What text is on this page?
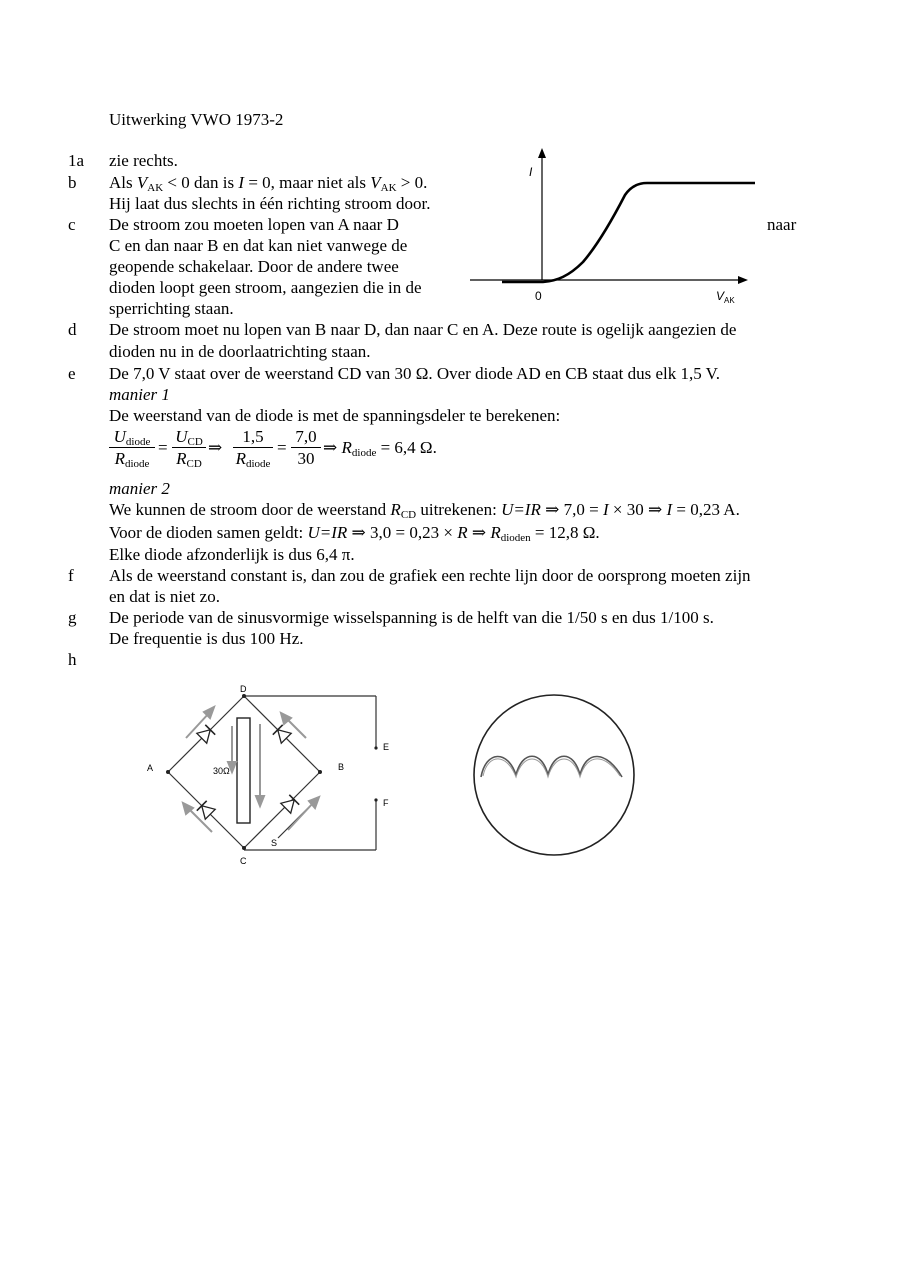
Uitwerking VWO 1973-2
1a zie rechts.
b Als $V_{AK} < 0$ dan is I = 0, maar niet als $V_{AK} > 0$.
Hij laat dus slechts in één richting stroom door.
c De stroom zou moeten lopen van A naar D	naar
C en dan naar B en dat kan niet vanwege de
geopende schakelaar. Door de andere twee
dioden loopt geen stroom, aangezien die in de
sperrichting staan.
I
0	$V_{AK}$
d De stroom moet nu lopen van B naar D, dan naar C en A. Deze route is ogelijk aangezien de
dioden nu in de doorlaatrichting staan.
e De 7,0 V staat over de weerstand CD van 30 Ω. Over diode AD en CB staat dus elk 1,5 V.
manier 1
De weerstand van de diode is met de spanningsdeler te berekenen:
$U_{diode}$
$R_{diode}$
=
$U_{CD}$
$R_{CD}$
⇒
1,5
$R_{diode}$
= $\frac{7,0}{30}$ ⇒ $R_{diode} = 6,4$ Ω.
manier 2
We kunnen de stroom door de weerstand $R_{CD}$ uitrekenen: U=IR ⇒ 7,0 = I × 30 ⇒ I = 0,23 A.
Voor de dioden samen geldt: U=IR ⇒ 3,0 = 0,23 × R ⇒ $R_{dioden} = 12,8$ Ω.
Elke diode afzonderlijk is dus 6,4 π.
f Als de weerstand constant is, dan zou de grafiek een rechte lijn door de oorsprong moeten zijn
en dat is niet zo.
g De periode van de sinusvormige wisselspanning is de helft van die 1/50 s en dus 1/100 s.
De frequentie is dus 100 Hz.
h
D
A	B
C
E
F
S
30Ω
